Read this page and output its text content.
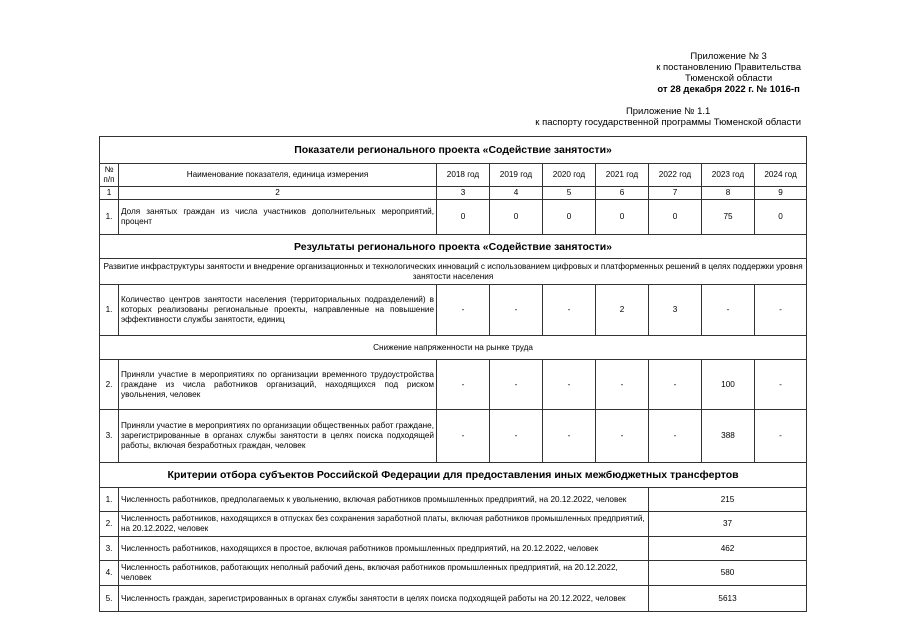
Приложение № 3
к постановлению Правительства
Тюменской области
от 28 декабря 2022 г. № 1016-п
Приложение № 1.1
к паспорту государственной программы Тюменской области
Показатели регионального проекта «Содействие занятости»								
№ п/п	Наименование показателя, единица измерения	2018 год	2019 год	2020 год	2021 год	2022 год	2023 год	2024 год
1	2	3	4	5	6	7	8	9
1.	Доля занятых граждан из числа участников дополнительных мероприятий, процент	0	0	0	0	0	75	0
Результаты регионального проекта «Содействие занятости»								
Развитие инфраструктуры занятости и внедрение организационных и технологических инноваций с использованием цифровых и платформенных решений в целях поддержки уровня занятости населения								
1.	Количество центров занятости населения (территориальных подразделений) в которых реализованы региональные проекты, направленные на повышение эффективности службы занятости, единиц	-	-	-	2	3	-	-
Снижение напряженности на рынке труда								
2.	Приняли участие в мероприятиях по организации временного трудоустройства граждане из числа работников организаций, находящихся под риском увольнения, человек	-	-	-	-	-	100	-
3.	Приняли участие в мероприятиях по организации общественных работ граждане, зарегистрированные в органах службы занятости в целях поиска подходящей работы, включая безработных граждан, человек	-	-	-	-	-	388	-
Критерии отбора субъектов Российской Федерации для предоставления иных межбюджетных трансфертов								
1.	Численность работников, предполагаемых к увольнению, включая работников промышленных предприятий, на 20.12.2022, человек					215		
2.	Численность работников, находящихся в отпусках без сохранения заработной платы, включая работников промышленных предприятий, на 20.12.2022, человек					37		
3.	Численность работников, находящихся в простое, включая работников промышленных предприятий, на 20.12.2022, человек					462		
4.	Численность работников, работающих неполный рабочий день, включая работников промышленных предприятий, на 20.12.2022, человек					580		
5.	Численность граждан, зарегистрированных в органах службы занятости в целях поиска подходящей работы на 20.12.2022, человек					5613		
